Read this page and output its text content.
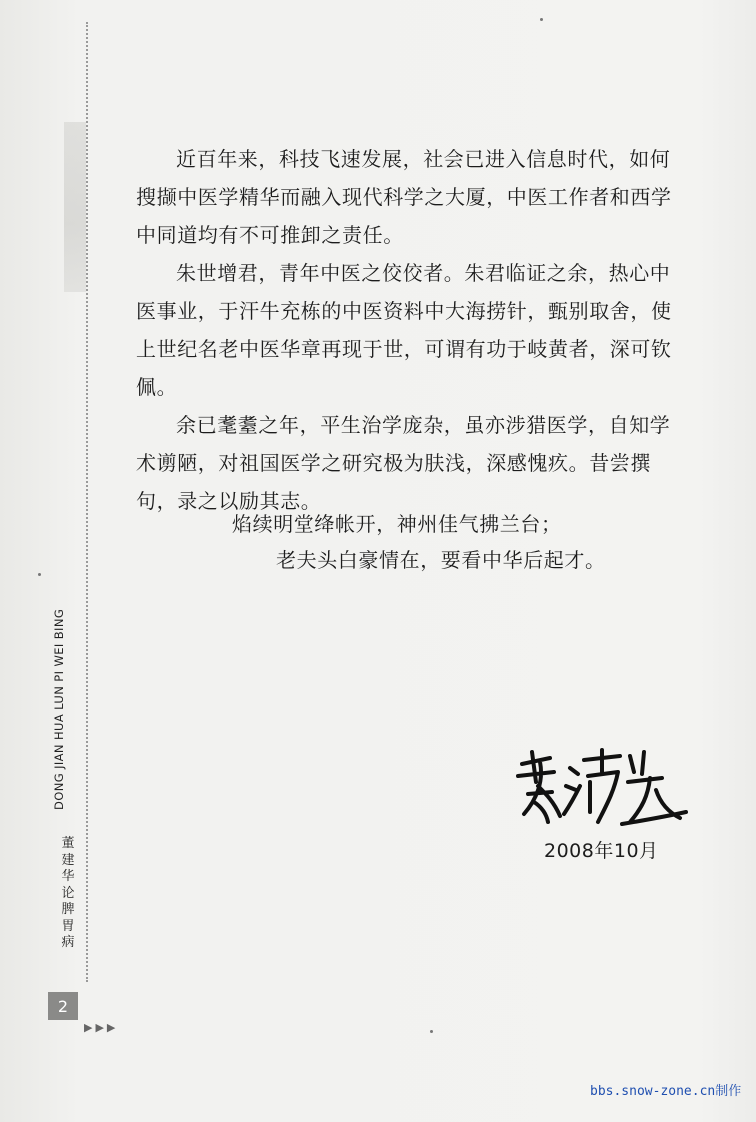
近百年来，科技飞速发展，社会已进入信息时代，如何搜撷中医学精华而融入现代科学之大厦，中医工作者和西学中同道均有不可推卸之责任。

朱世增君，青年中医之佼佼者。朱君临证之余，热心中医事业，于汗牛充栋的中医资料中大海捞针，甄别取舍，使上世纪名老中医华章再现于世，可谓有功于岐黄者，深可钦佩。

余已耄耋之年，平生治学庞杂，虽亦涉猎医学，自知学术谫陋，对祖国医学之研究极为肤浅，深感愧疚。昔尝撰句，录之以励其志。

焰续明堂绛帐开，神州佳气拂兰台；
老夫头白豪情在，要看中华后起才。
2008年10月
DONG JIAN HUA LUN PI WEI BING
董建华论脾胃病
2
▶▶▶
bbs.snow-zone.cn制作
